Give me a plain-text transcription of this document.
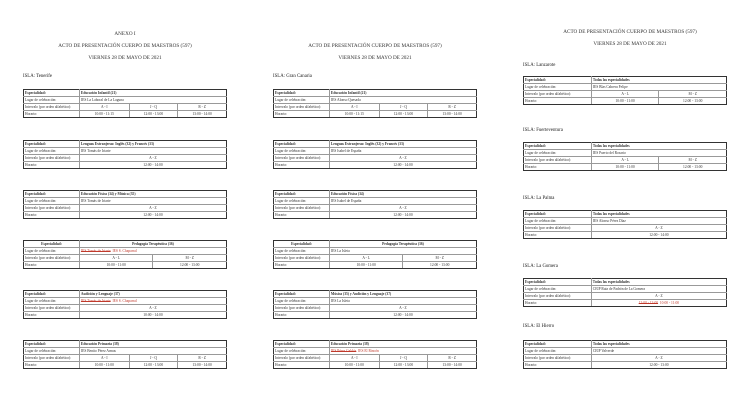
ANEXO I
ACTO DE PRESENTACIÓN CUERPO DE MAESTROS (597)
VIERNES 28 DE MAYO DE 2021
ISLA: Tenerife
Especialidad:	Educación Infantil (21)		
Lugar de celebración:	IES La Laboral de La Laguna		
Intervalo (por orden alfabético):	A - I	J - Q	R - Z
Horario:	10:00 - 11:15	12:00 - 13:00	13:00 - 14:00
Especialidad:	Lenguas Extranjeras: Inglés (32) y Francés (33)
Lugar de celebración:	IES Tomás de Iriarte
Intervalo (por orden alfabético):	A - Z
Horario:	12:00 - 14:00
Especialidad:	Educación Física (34) y Música (35)
Lugar de celebración:	IES Tomás de Iriarte
Intervalo (por orden alfabético):	A - Z
Horario:	12:00 - 14:00
Especialidad:	Pedagogía Terapéutica (36)	
Lugar de celebración:	IES Tomás de Iriarte IES S. Chaparral	
Intervalo (por orden alfabético):	A - L	M - Z
Horario:	10:00 - 11:00	12:00 - 13:00
Especialidad:	Audición y Lenguaje (37)
Lugar de celebración:	IES Tomás de Iriarte IES S. Chaparral
Intervalo (por orden alfabético):	A - Z
Horario:	10:00 - 14:00
Especialidad:	Educación Primaria (38)		
Lugar de celebración:	IES Benito Pérez Armas		
Intervalo (por orden alfabético):	A - I	J - Q	R - Z
Horario:	10:00 - 11:00	12:00 - 13:00	13:00 - 14:00
ACTO DE PRESENTACIÓN CUERPO DE MAESTROS (597)
VIERNES 28 DE MAYO DE 2021
ISLA: Gran Canaria
Especialidad:	Educación Infantil (21)		
Lugar de celebración:	IES Alonso Quesada		
Intervalo (por orden alfabético):	A - I	J - Q	R - Z
Horario:	10:00 - 11:15	12:00 - 13:00	13:00 - 14:00
Especialidad:	Lenguas Extranjeras: Inglés (32) y Francés (33)
Lugar de celebración:	IES Isabel de España
Intervalo (por orden alfabético):	A - Z
Horario:	12:00 - 14:00
Especialidad:	Educación Física (34)
Lugar de celebración:	IES Isabel de España
Intervalo (por orden alfabético):	A - Z
Horario:	12:00 - 14:00
Especialidad:	Pedagogía Terapéutica (36)	
Lugar de celebración:	IES La Isleta	
Intervalo (por orden alfabético):	A - L	M - Z
Horario:	10:00 - 11:00	12:00 - 13:00
Especialidad:	Música (35) y Audición y Lenguaje (37)
Lugar de celebración:	IES La Isleta
Intervalo (por orden alfabético):	A - Z
Horario:	12:00 - 14:00
Especialidad:	Educación Primaria (38)		
Lugar de celebración:	IES Pérez Galdós IES El Rincón		
Intervalo (por orden alfabético):	A - I	J - Q	R - Z
Horario:	10:00 - 11:00	12:00 - 13:00	13:00 - 14:00
ACTO DE PRESENTACIÓN CUERPO DE MAESTROS (597)
VIERNES 28 DE MAYO DE 2021
ISLA: Lanzarote
Especialidad:	Todas las especialidades	
Lugar de celebración:	IES Blas Cabrera Felipe	
Intervalo (por orden alfabético):	A - L	M - Z
Horario:	10:00 - 11:00	12:00 - 13:00
ISLA: Fuerteventura
Especialidad:	Todas las especialidades	
Lugar de celebración:	IES Puerto del Rosario	
Intervalo (por orden alfabético):	A - L	M - Z
Horario:	10:00 - 11:00	12:00 - 13:00
ISLA: La Palma
Especialidad:	Todas las especialidades
Lugar de celebración:	IES Alonso Pérez Díaz
Intervalo (por orden alfabético):	A - Z
Horario:	12:00 - 14:00
ISLA: La Gomera
Especialidad:	Todas las especialidades
Lugar de celebración:	CEIP Ruiz de Padrón de La Gomera
Intervalo (por orden alfabético):	A - Z
Horario:	12:00 - 13:00 10:00 - 11:00
ISLA: El Hierro
Especialidad:	Todas las especialidades
Lugar de celebración:	CEIP Valverde
Intervalo (por orden alfabético):	A - Z
Horario:	12:00 - 13:00
